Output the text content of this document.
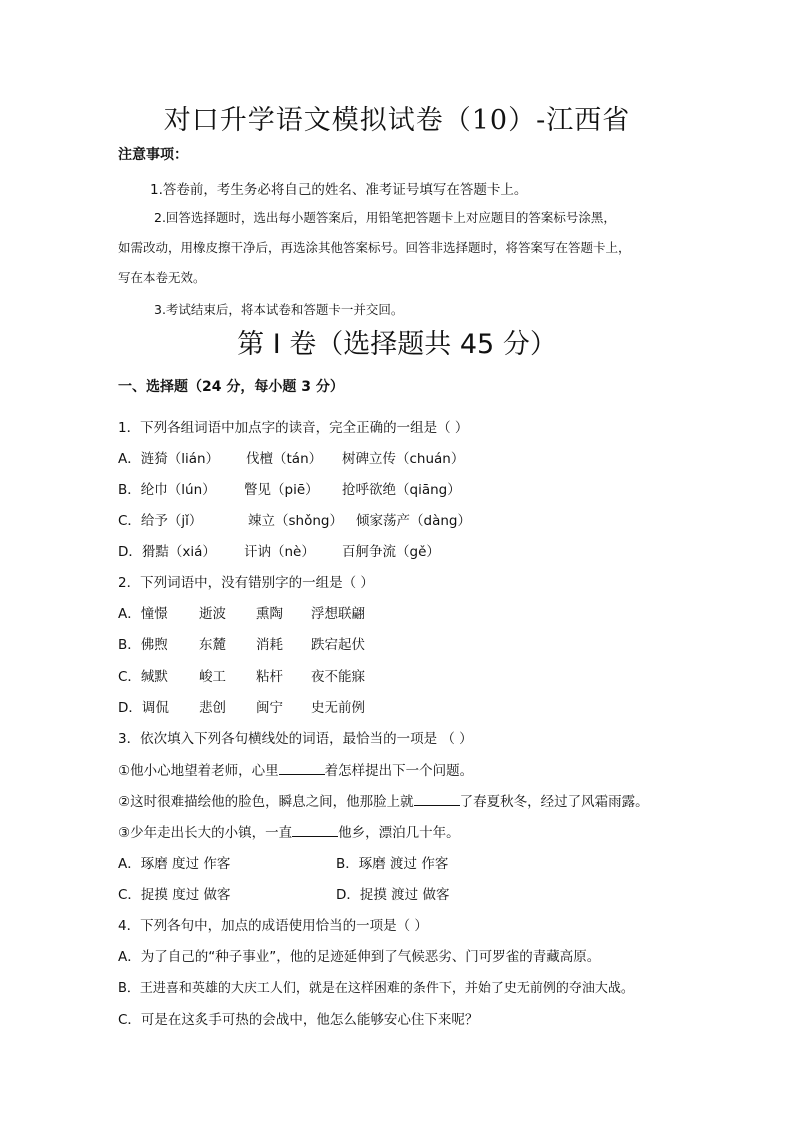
对口升学语文模拟试卷（10）-江西省
注意事项：
1.答卷前，考生务必将自己的姓名、准考证号填写在答题卡上。
2.回答选择题时，选出每小题答案后，用铅笔把答题卡上对应题目的答案标号涂黑，
如需改动，用橡皮擦干净后，再选涂其他答案标号。回答非选择题时，将答案写在答题卡上，
写在本卷无效。
3.考试结束后，将本试卷和答题卡一并交回。
第 I 卷（选择题共 45 分）
一、选择题（24 分，每小题 3 分）
1．下列各组词语中加点字的读音，完全正确的一组是（ ）
A．涟猗（lián） 伐檀（tán） 树碑立传（chuán）
B．纶巾（lún） 瞥见（piē） 抢呼欲绝（qiāng）
C．给予（jǐ）	竦立（shǒng） 倾家荡产（dàng）
D．猾黠（xiá） 讦讷（nè） 百舸争流（gě）
2．下列词语中，没有错别字的一组是（ ）
A．憧憬 逝波 熏陶 浮想联翩
B．佛煦 东麓 消耗 跌宕起伏
C．缄默 峻工 粘杆 夜不能寐
D．调侃 悲创 闽宁 史无前例
3．依次填入下列各句横线处的词语，最恰当的一项是 （ ）
①他小心地望着老师，心里	着怎样提出下一个问题。
②这时很难描绘他的脸色，瞬息之间，他那脸上就	了春夏秋冬，经过了风霜雨露。
③少年走出长大的小镇，一直	他乡，漂泊几十年。
A．琢磨 度过 作客	B．琢磨 渡过 作客
C．捉摸 度过 做客	D．捉摸 渡过 做客
4．下列各句中，加点的成语使用恰当的一项是（ ）
A．为了自己的“种子事业”，他的足迹延伸到了气候恶劣、门可罗雀的青藏高原。
B．王进喜和英雄的大庆工人们，就是在这样困难的条件下，并始了史无前例的夺油大战。
C．可是在这炙手可热的会战中，他怎么能够安心住下来呢？
